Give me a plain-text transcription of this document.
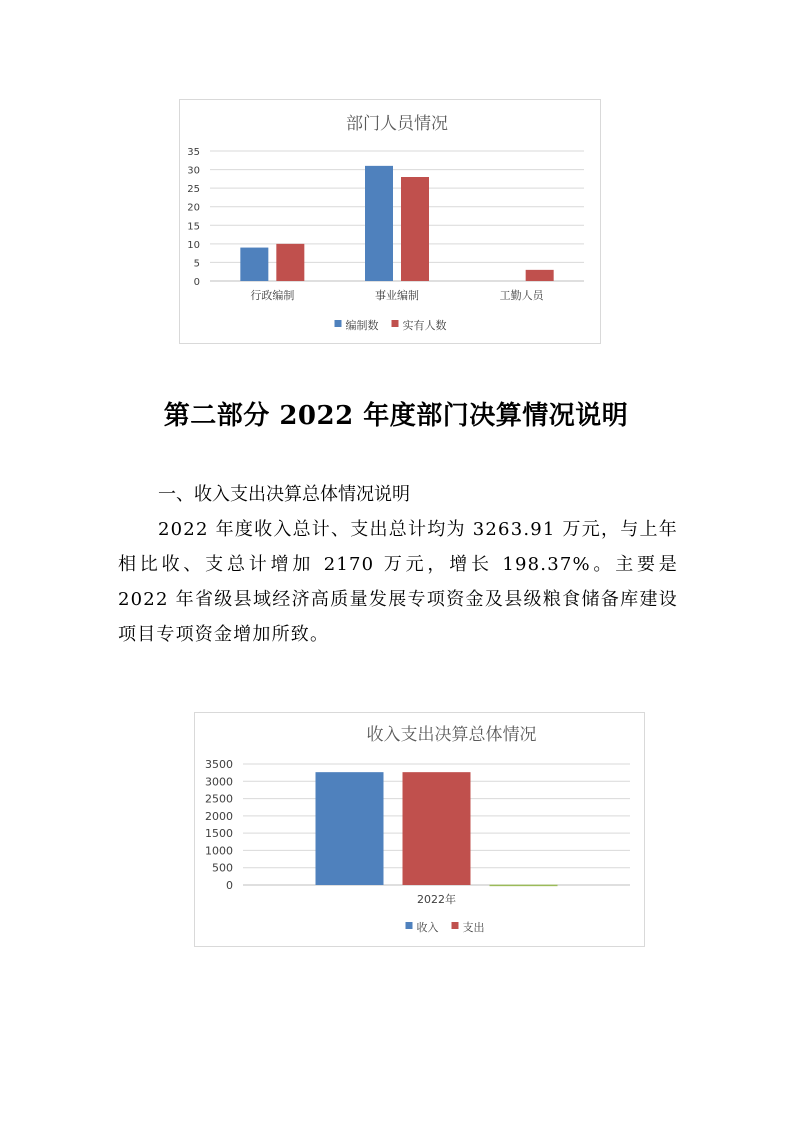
部门人员情况
0
5
10
15
20
25
30
35
行政编制	事业编制	工勤人员
编制数 实有人数
第二部分 2022 年度部门决算情况说明
一、收入支出决算总体情况说明
2022 年度收入总计、支出总计均为 3263.91 万元，与上年相比收、支总计增加 2170 万元，增长 198.37%。主要是 2022 年省级县域经济高质量发展专项资金及县级粮食储备库建设项目专项资金增加所致。
收入支出决算总体情况
0
500
1000
1500
2000
2500
3000
3500
2022年
收入 支出
